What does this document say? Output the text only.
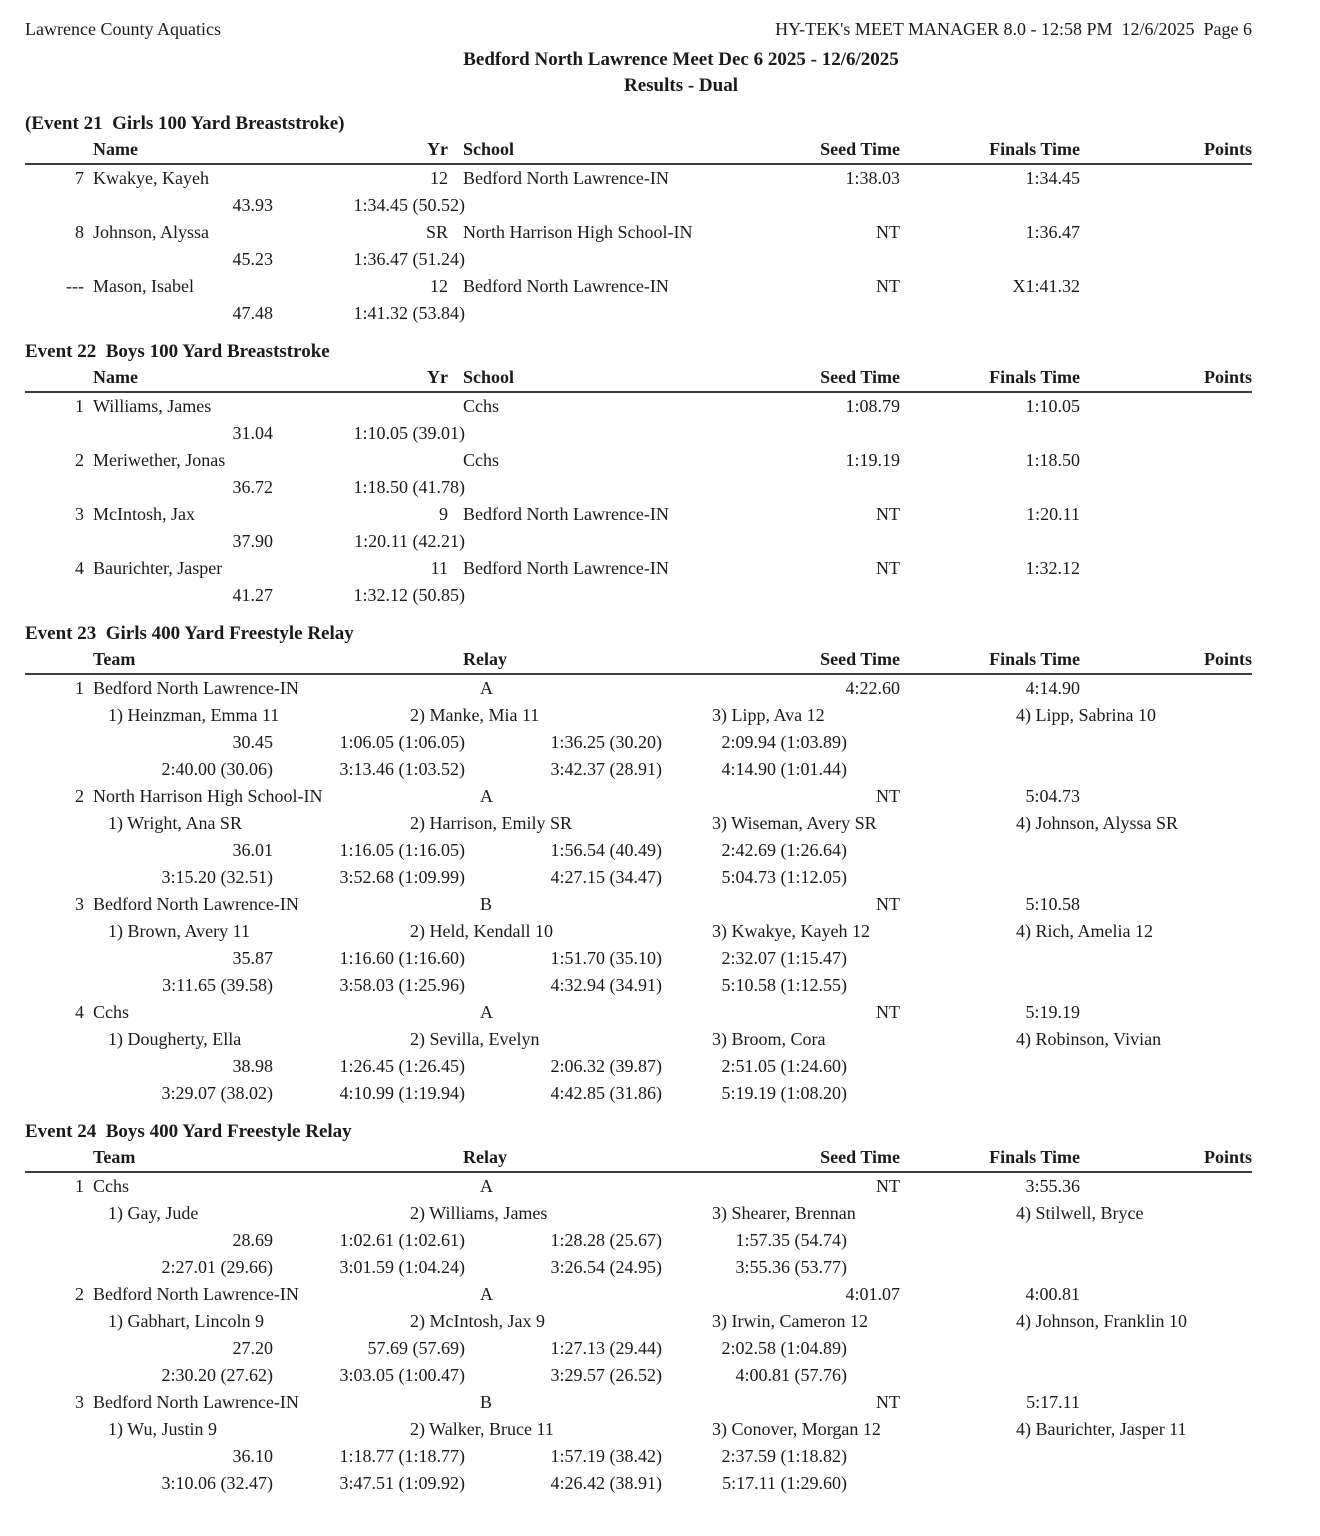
Lawrence County Aquatics	HY-TEK's MEET MANAGER 8.0 - 12:58 PM  12/6/2025  Page 6
Bedford North Lawrence Meet Dec 6 2025 - 12/6/2025
Results - Dual
(Event 21  Girls 100 Yard Breaststroke)
Name	Yr School	Seed Time	Finals Time	Points
7 Kwakye, Kayeh	12 Bedford North Lawrence-IN	1:38.03	1:34.45
43.93	1:34.45 (50.52)
8 Johnson, Alyssa	SR North Harrison High School-IN	NT	1:36.47
45.23	1:36.47 (51.24)
--- Mason, Isabel	12 Bedford North Lawrence-IN	NT	X1:41.32
47.48	1:41.32 (53.84)
Event 22  Boys 100 Yard Breaststroke
Name	Yr School	Seed Time	Finals Time	Points
1 Williams, James	Cchs	1:08.79	1:10.05
31.04	1:10.05 (39.01)
2 Meriwether, Jonas	Cchs	1:19.19	1:18.50
36.72	1:18.50 (41.78)
3 McIntosh, Jax	9 Bedford North Lawrence-IN	NT	1:20.11
37.90	1:20.11 (42.21)
4 Baurichter, Jasper	11 Bedford North Lawrence-IN	NT	1:32.12
41.27	1:32.12 (50.85)
Event 23  Girls 400 Yard Freestyle Relay
Team	Relay	Seed Time	Finals Time	Points
1 Bedford North Lawrence-IN	A	4:22.60	4:14.90
1) Heinzman, Emma 11	2) Manke, Mia 11	3) Lipp, Ava 12	4) Lipp, Sabrina 10
30.45	1:06.05 (1:06.05)	1:36.25 (30.20)	2:09.94 (1:03.89)
2:40.00 (30.06)	3:13.46 (1:03.52)	3:42.37 (28.91)	4:14.90 (1:01.44)
2 North Harrison High School-IN	A	NT	5:04.73
1) Wright, Ana SR	2) Harrison, Emily SR	3) Wiseman, Avery SR	4) Johnson, Alyssa SR
36.01	1:16.05 (1:16.05)	1:56.54 (40.49)	2:42.69 (1:26.64)
3:15.20 (32.51)	3:52.68 (1:09.99)	4:27.15 (34.47)	5:04.73 (1:12.05)
3 Bedford North Lawrence-IN	B	NT	5:10.58
1) Brown, Avery 11	2) Held, Kendall 10	3) Kwakye, Kayeh 12	4) Rich, Amelia 12
35.87	1:16.60 (1:16.60)	1:51.70 (35.10)	2:32.07 (1:15.47)
3:11.65 (39.58)	3:58.03 (1:25.96)	4:32.94 (34.91)	5:10.58 (1:12.55)
4 Cchs	A	NT	5:19.19
1) Dougherty, Ella	2) Sevilla, Evelyn	3) Broom, Cora	4) Robinson, Vivian
38.98	1:26.45 (1:26.45)	2:06.32 (39.87)	2:51.05 (1:24.60)
3:29.07 (38.02)	4:10.99 (1:19.94)	4:42.85 (31.86)	5:19.19 (1:08.20)
Event 24  Boys 400 Yard Freestyle Relay
Team	Relay	Seed Time	Finals Time	Points
1 Cchs	A	NT	3:55.36
1) Gay, Jude	2) Williams, James	3) Shearer, Brennan	4) Stilwell, Bryce
28.69	1:02.61 (1:02.61)	1:28.28 (25.67)	1:57.35 (54.74)
2:27.01 (29.66)	3:01.59 (1:04.24)	3:26.54 (24.95)	3:55.36 (53.77)
2 Bedford North Lawrence-IN	A	4:01.07	4:00.81
1) Gabhart, Lincoln 9	2) McIntosh, Jax 9	3) Irwin, Cameron 12	4) Johnson, Franklin 10
27.20	57.69 (57.69)	1:27.13 (29.44)	2:02.58 (1:04.89)
2:30.20 (27.62)	3:03.05 (1:00.47)	3:29.57 (26.52)	4:00.81 (57.76)
3 Bedford North Lawrence-IN	B	NT	5:17.11
1) Wu, Justin 9	2) Walker, Bruce 11	3) Conover, Morgan 12	4) Baurichter, Jasper 11
36.10	1:18.77 (1:18.77)	1:57.19 (38.42)	2:37.59 (1:18.82)
3:10.06 (32.47)	3:47.51 (1:09.92)	4:26.42 (38.91)	5:17.11 (1:29.60)
